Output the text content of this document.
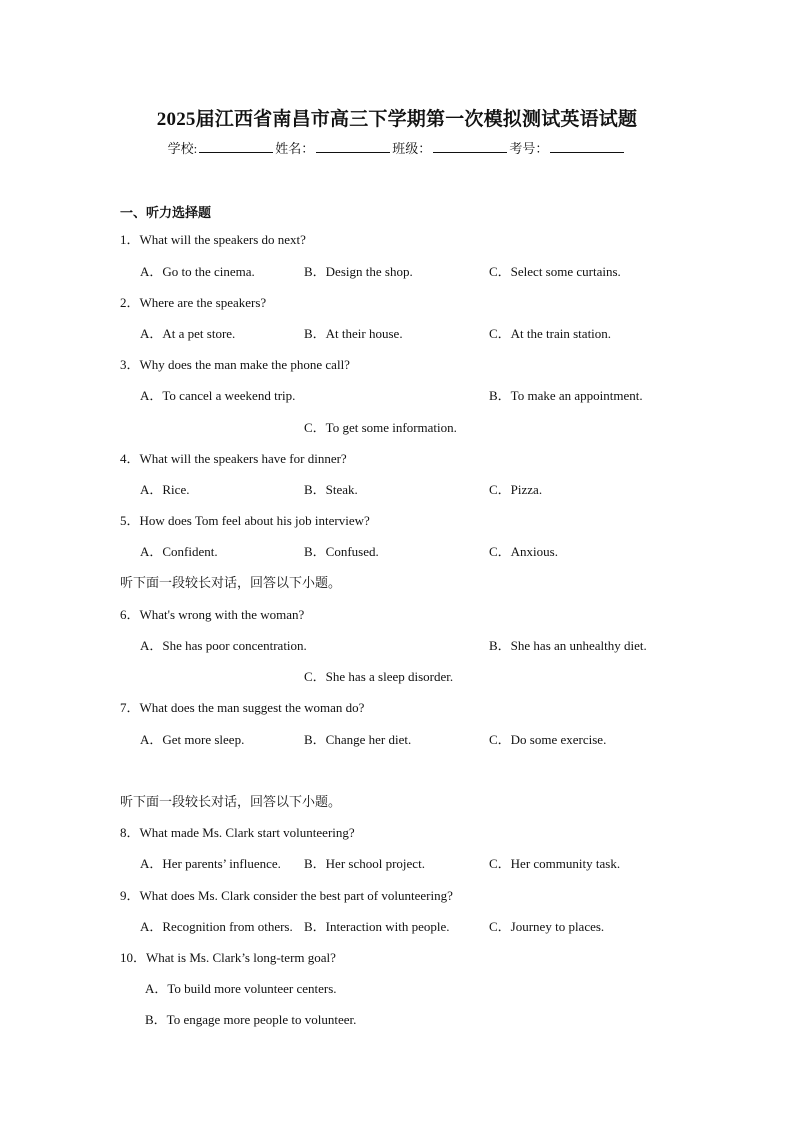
2025届江西省南昌市高三下学期第一次模拟测试英语试题
学校:	姓名：	班级：	考号：
一、听力选择题
1．What will the speakers do next?
A．Go to the cinema.	B．Design the shop.	C．Select some curtains.
2．Where are the speakers?
A．At a pet store.	B．At their house.	C．At the train station.
3．Why does the man make the phone call?
A．To cancel a weekend trip.	B．To make an appointment.
C．To get some information.
4．What will the speakers have for dinner?
A．Rice.	B．Steak.	C．Pizza.
5．How does Tom feel about his job interview?
A．Confident.	B．Confused.	C．Anxious.
听下面一段较长对话，回答以下小题。
6．What's wrong with the woman?
A．She has poor concentration.	B．She has an unhealthy diet.
C．She has a sleep disorder.
7．What does the man suggest the woman do?
A．Get more sleep.	B．Change her diet.	C．Do some exercise.
听下面一段较长对话，回答以下小题。
8．What made Ms. Clark start volunteering?
A．Her parents’ influence. B．Her school project.	C．Her community task.
9．What does Ms. Clark consider the best part of volunteering?
A．Recognition from others. B．Interaction with people.	C．Journey to places.
10．What is Ms. Clark’s long-term goal?
A．To build more volunteer centers.
B．To engage more people to volunteer.
